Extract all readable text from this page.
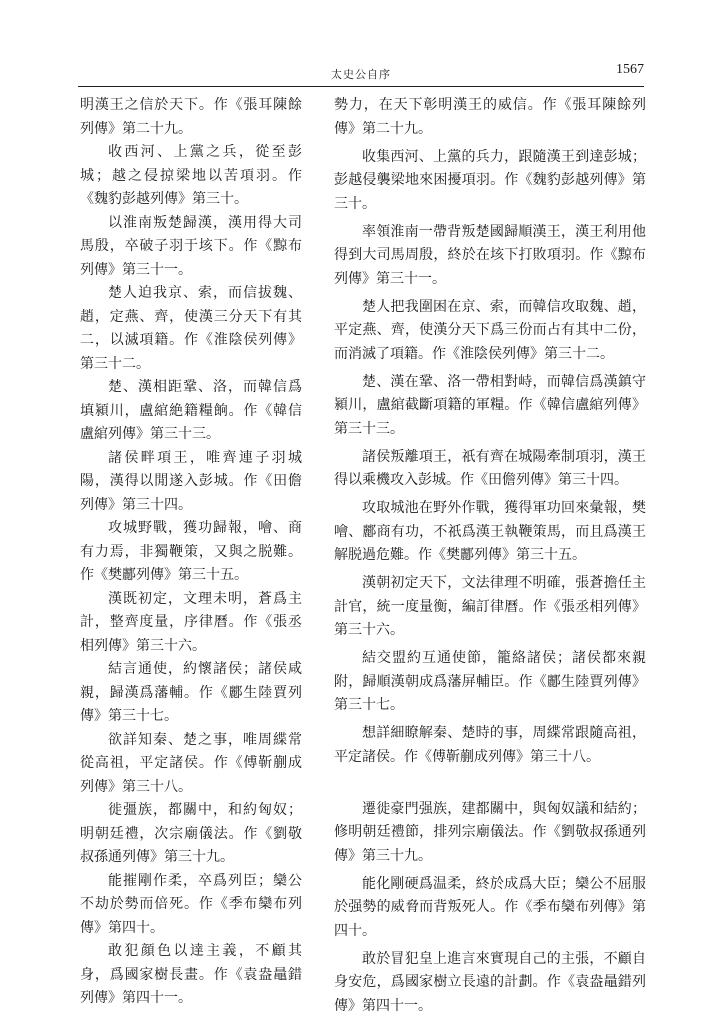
太史公自序	1567

明漢王之信於天下。作《張耳陳餘列傳》第二十九。

收西河、上黨之兵，從至彭城；越之侵掠梁地以苦項羽。作《魏豹彭越列傳》第三十。

以淮南叛楚歸漢，漢用得大司馬殷，卒破子羽于垓下。作《黥布列傳》第三十一。

楚人迫我京、索，而信拔魏、趙，定燕、齊，使漢三分天下有其二，以滅項籍。作《淮陰侯列傳》第三十二。

楚、漢相距鞏、洛，而韓信爲填潁川，盧綰絶籍糧餉。作《韓信盧綰列傳》第三十三。

諸侯畔項王，唯齊連子羽城陽，漢得以閒遂入彭城。作《田儋列傳》第三十四。

攻城野戰，獲功歸報，噲、商有力焉，非獨鞭策，又與之脱難。作《樊酈列傳》第三十五。

漢既初定，文理未明，蒼爲主計，整齊度量，序律曆。作《張丞相列傳》第三十六。

結言通使，約懷諸侯；諸侯咸親，歸漢爲藩輔。作《酈生陸賈列傳》第三十七。

欲詳知秦、楚之事，唯周緤常從高祖，平定諸侯。作《傅靳蒯成列傳》第三十八。

徙彊族，都關中，和約匈奴；明朝廷禮，次宗廟儀法。作《劉敬叔孫通列傳》第三十九。

能摧剛作柔，卒爲列臣；欒公不劫於勢而倍死。作《季布欒布列傳》第四十。

敢犯顔色以達主義，不顧其身，爲國家樹長畫。作《袁盎鼂錯列傳》第四十一。

勢力，在天下彰明漢王的威信。作《張耳陳餘列傳》第二十九。

收集西河、上黨的兵力，跟隨漢王到達彭城；彭越侵襲梁地來困擾項羽。作《魏豹彭越列傳》第三十。

率領淮南一帶背叛楚國歸順漢王，漢王利用他得到大司馬周殷，終於在垓下打敗項羽。作《黥布列傳》第三十一。

楚人把我圍困在京、索，而韓信攻取魏、趙，平定燕、齊，使漢分天下爲三份而占有其中二份，而消滅了項籍。作《淮陰侯列傳》第三十二。

楚、漢在鞏、洛一帶相對峙，而韓信爲漢鎮守潁川，盧綰截斷項籍的軍糧。作《韓信盧綰列傳》第三十三。

諸侯叛離項王，祇有齊在城陽牽制項羽，漢王得以乘機攻入彭城。作《田儋列傳》第三十四。

攻取城池在野外作戰，獲得軍功回來彙報，樊噲、酈商有功，不祇爲漢王執鞭策馬，而且爲漢王解脱過危難。作《樊酈列傳》第三十五。

漢朝初定天下，文法律理不明確，張蒼擔任主計官，統一度量衡，編訂律曆。作《張丞相列傳》第三十六。

結交盟約互通使節，籠絡諸侯；諸侯都來親附，歸順漢朝成爲藩屏輔臣。作《酈生陸賈列傳》第三十七。

想詳細瞭解秦、楚時的事，周緤常跟隨高祖，平定諸侯。作《傅靳蒯成列傳》第三十八。

遷徙豪門强族，建都關中，與匈奴議和結約；修明朝廷禮節，排列宗廟儀法。作《劉敬叔孫通列傳》第三十九。

能化剛硬爲温柔，終於成爲大臣；欒公不屈服於强勢的威脅而背叛死人。作《季布欒布列傳》第四十。

敢於冒犯皇上進言來實現自己的主張，不顧自身安危，爲國家樹立長遠的計劃。作《袁盎鼂錯列傳》第四十一。
